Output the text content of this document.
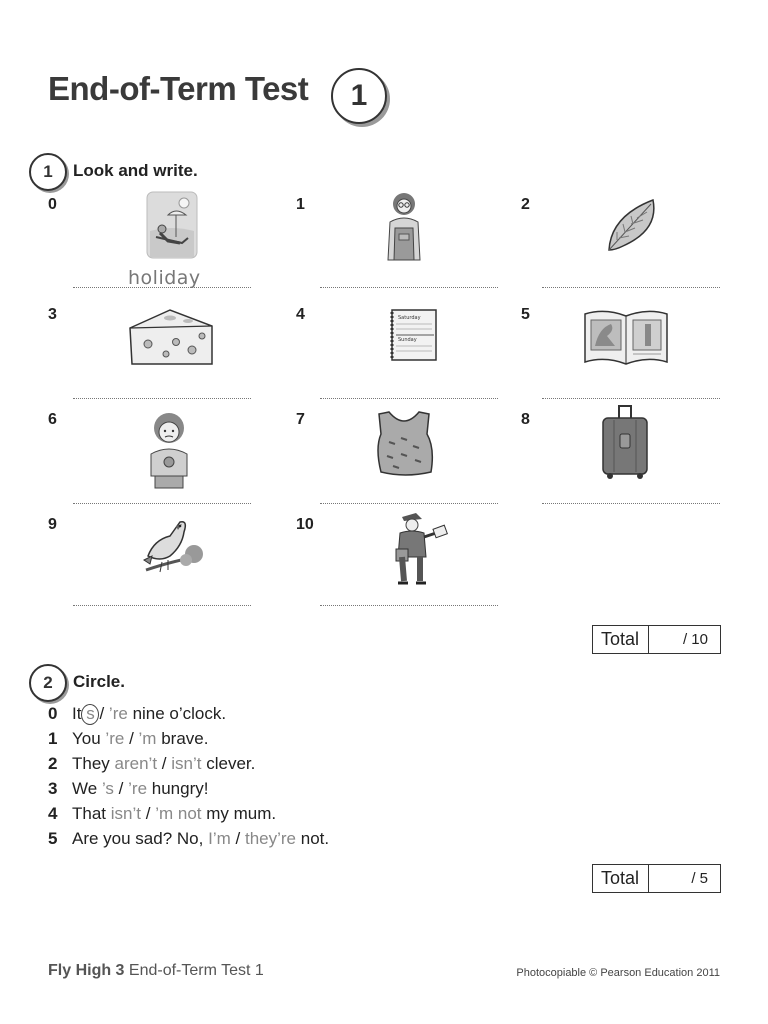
End-of-Term Test	1
1	Look and write.
0
holiday
1	2
3	4	Saturday
Sunday
5
6	7	8
9	10
Total	/ 10
2	Circle.
0 It s / ’re nine o’clock.
1 You ’re / ’m brave.
2 They aren’t / isn’t clever.
3 We ’s / ’re hungry!
4 That isn’t / ’m not my mum.
5 Are you sad? No, I’m / they’re not.
Total	/ 5
Fly High 3 End-of-Term Test 1	Photocopiable © Pearson Education 2011
